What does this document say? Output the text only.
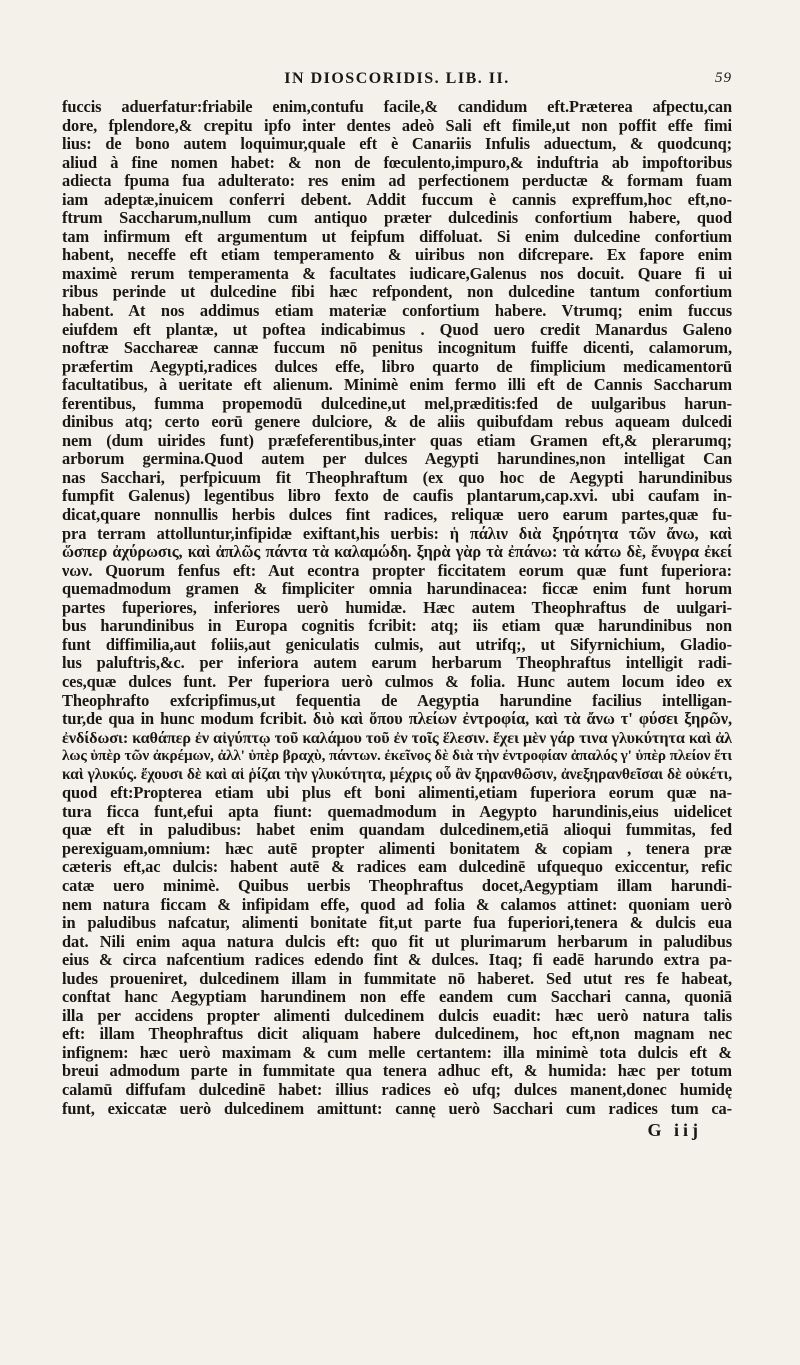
IN DIOSCORIDIS. LIB. II.	59
fuccis aduerfatur:friabile enim,contufu facile,& candidum eft.Præterea afpectu,can
dore, fplendore,& crepitu ipfo inter dentes adeò Sali eft fimile,ut non poffit effe fimi
lius: de bono autem loquimur,quale eft è Canariis Infulis aduectum, & quodcunq;
aliud à fine nomen habet: & non de fœculento,impuro,& induftria ab impoftoribus
adiecta fpuma fua adulterato: res enim ad perfectionem perductæ & formam fuam
iam adeptæ,inuicem conferri debent. Addit fuccum è cannis expreffum,hoc eft,no-
ftrum Saccharum,nullum cum antiquo præter dulcedinis confortium habere, quod
tam infirmum eft argumentum ut feipfum diffoluat. Si enim dulcedine confortium
habent, neceffe eft etiam temperamento & uiribus non difcrepare. Ex fapore enim
maximè rerum temperamenta & facultates iudicare,Galenus nos docuit. Quare fi ui
ribus perinde ut dulcedine fibi hæc refpondent, non dulcedine tantum confortium
habent. At nos addimus etiam materiæ confortium habere. Vtrumq; enim fuccus
eiufdem eft plantæ, ut poftea indicabimus . Quod uero credit Manardus Galeno
noftræ Sacchareæ cannæ fuccum nō penitus incognitum fuiffe dicenti, calamorum,
præfertim Aegypti,radices dulces effe, libro quarto de fimplicium medicamentorū
facultatibus, à ueritate eft alienum. Minimè enim fermo illi eft de Cannis Saccharum
ferentibus, fumma propemodū dulcedine,ut mel,præditis:fed de uulgaribus harun-
dinibus atq; certo eorū genere dulciore, & de aliis quibufdam rebus aqueam dulcedi
nem (dum uirides funt) præfeferentibus,inter quas etiam Gramen eft,& plerarumq;
arborum germina.Quod autem per dulces Aegypti harundines,non intelligat Can
nas Sacchari, perfpicuum fit Theophraftum (ex quo hoc de Aegypti harundinibus
fumpfit Galenus) legentibus libro fexto de caufis plantarum,cap.xvi. ubi caufam in-
dicat,quare nonnullis herbis dulces fint radices, reliquæ uero earum partes,quæ fu-
pra terram attolluntur,infipidæ exiftant,his uerbis: ἡ πάλιν διὰ ξηρότητα τῶν ἄνω, καὶ
ὥσπερ ἀχύρωσις, καὶ ἀπλῶς πάντα τὰ καλαμώδη. ξηρὰ γὰρ τὰ ἐπάνω: τὰ κάτω δὲ, ἔνυγρα ἐκεί
νων. Quorum fenfus eft: Aut econtra propter ficcitatem eorum quæ funt fuperiora:
quemadmodum gramen & fimpliciter omnia harundinacea: ficcæ enim funt horum
partes fuperiores, inferiores uerò humidæ. Hæc autem Theophraftus de uulgari-
bus harundinibus in Europa cognitis fcribit: atq; iis etiam quæ harundinibus non
funt diffimilia,aut foliis,aut geniculatis culmis, aut utrifq;, ut Sifyrnichium, Gladio-
lus paluftris,&c. per inferiora autem earum herbarum Theophraftus intelligit radi-
ces,quæ dulces funt. Per fuperiora uerò culmos & folia. Hunc autem locum ideo ex
Theophrafto exfcripfimus,ut fequentia de Aegyptia harundine facilius intelligan-
tur,de qua in hunc modum fcribit. διὸ καὶ ὅπου πλείων ἐντροφία, καὶ τὰ ἄνω τ' φύσει ξηρῶν,
ἐνδίδωσι: καθάπερ ἐν αἰγύπτῳ τοῦ καλάμου τοῦ ἐν τοῖς ἕλεσιν. ἔχει μὲν γάρ τινα γλυκύτητα καὶ ἀλ
λως ὑπὲρ τῶν ἀκρέμων, ἀλλ' ὑπὲρ βραχὺ, πάντων. ἐκεῖνος δὲ διὰ τὴν ἐντροφίαν ἁπαλός γ' ὑπὲρ πλείον ἔτι
καὶ γλυκύς. ἔχουσι δὲ καὶ αἱ ῥίζαι τὴν γλυκύτητα, μέχρις οὗ ἂν ξηρανθῶσιν, ἀνεξηρανθεῖσαι δὲ οὐκέτι,
quod eft:Propterea etiam ubi plus eft boni alimenti,etiam fuperiora eorum quæ na-
tura ficca funt,efui apta fiunt: quemadmodum in Aegypto harundinis,eius uidelicet
quæ eft in paludibus: habet enim quandam dulcedinem,etiā alioqui fummitas, fed
perexiguam,omnium: hæc autē propter alimenti bonitatem & copiam , tenera præ
cæteris eft,ac dulcis: habent autē & radices eam dulcedinē ufquequo exiccentur, refic
catæ uero minimè. Quibus uerbis Theophraftus docet,Aegyptiam illam harundi-
nem natura ficcam & infipidam effe, quod ad folia & calamos attinet: quoniam uerò
in paludibus nafcatur, alimenti bonitate fit,ut parte fua fuperiori,tenera & dulcis eua
dat. Nili enim aqua natura dulcis eft: quo fit ut plurimarum herbarum in paludibus
eius & circa nafcentium radices edendo fint & dulces. Itaq; fi eadē harundo extra pa-
ludes proueniret, dulcedinem illam in fummitate nō haberet. Sed utut res fe habeat,
conftat hanc Aegyptiam harundinem non effe eandem cum Sacchari canna, quoniā
illa per accidens propter alimenti dulcedinem dulcis euadit: hæc uerò natura talis
eft: illam Theophraftus dicit aliquam habere dulcedinem, hoc eft,non magnam nec
infignem: hæc uerò maximam & cum melle certantem: illa minimè tota dulcis eft &
breui admodum parte in fummitate qua tenera adhuc eft, & humida: hæc per totum
calamū diffufam dulcedinē habet: illius radices eò ufq; dulces manent,donec humidę
funt, exiccatæ uerò dulcedinem amittunt: cannę uerò Sacchari cum radices tum ca-
G iij
